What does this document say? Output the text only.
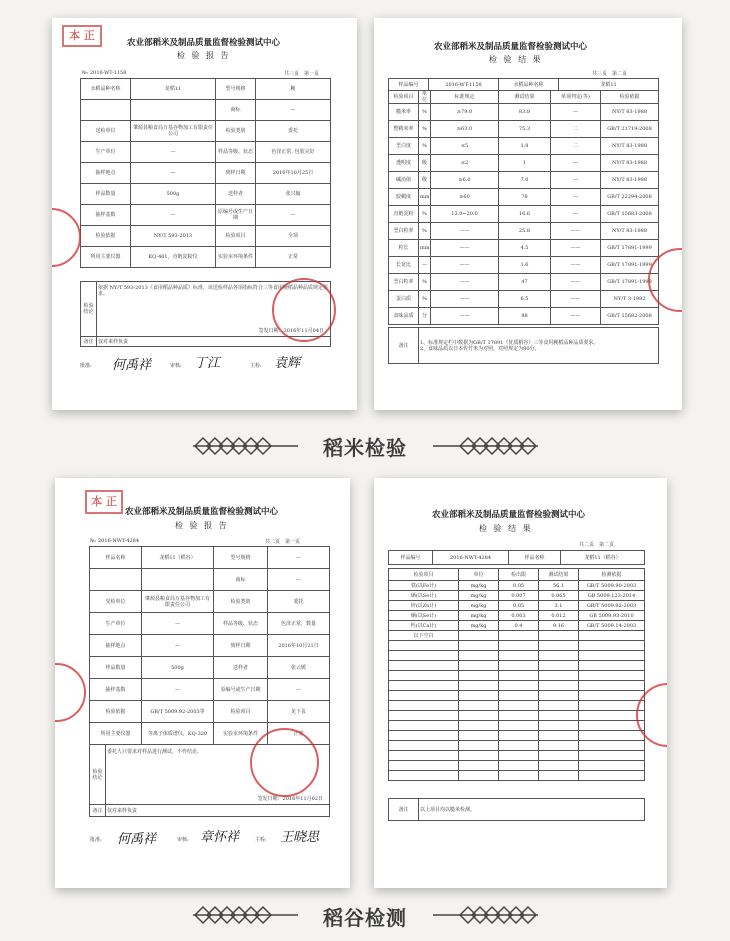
本 正
农业部稻米及制品质量监督检验测试中心
检 验 报 告
№: 2016-WT-1158	共三页　第一页
水稻品种名称	龙稻11	型号规格	粳
		商标	—
送检单位	肇源县粮食局万基谷物加工有限责任公司	检验类别	委托
生产单位	—	样品等级、状态	色泽正常, 包装完好
抽样地点	—	到样日期	2016年10月25日
样品数量	500g	送样者	张兴翰
抽样基数	—	原编号或生产日期	—
检验依据	NY/T 593-2013	检验项目	全项
所用主要仪器	KQ-461，直链淀粉仪	实验室环境条件	正常
检验结论	依据 NY/T 593-2013《食用稻品种品质》标准，该送检样品各项指标符合三等食用粳稻品种品质规定要求。
签发日期：2016年11月04日

备注	仅对来样负责
批准: 何禹祥	审核: 丁江	主检: 袁辉
农业部稻米及制品质量监督检验测试中心
检 验 结 果
共三页　第二页
样品编号	2016-WT-1158	水稻品种名称	龙稻11
检验项目	单位	标准规定	测试结果	单项判定(等)	检验依据
糙米率	%	≥79.0	83.8	—	NY/T 83-1988
整精米率	%	≥63.0	75.3	二	GB/T 21719-2008
垩白度	%	≤5	1.8	二	NY/T 83-1988
透明度	级	≤2	1	—	NY/T 83-1988
碱消值	级	≥6.0	7.0	—	NY/T 83-1988
胶稠度	mm	≥60	78	—	GB/T 22294-2008
直链淀粉	%	13.0~20.0	16.6	—	GB/T 15683-2008
垩白粒率	%	——	25.8	——	NY/T 83-1988
粒长	mm	——	4.5	——	GB/T 17891-1999
长宽比	—	——	1.6	——	GB/T 17891-1999
垩白粒率	%	——	47	——	GB/T 17891-1999
蛋白质	%	——	6.5	——	NY/T 3-1982
食味品质	分	——	88	——	GB/T 15682-2008
备注	
1、标准规定栏中数据为GB/T 17891《优质稻谷》三等食用粳稻品种品质要求。
2、食味品质以日本佐竹米为对照，对照规定为80分。
稻米检验
本 正
农业部稻米及制品质量监督检验测试中心
检 验 报 告
№: 2016-NWT-4284	共二页　第一页
样品名称	龙稻11（稻谷）	型号规格	—
		商标	—
受检单位	肇源县粮食局万基谷物加工有限责任公司	检验类别	委托
生产单位	—	样品等级、状态	色泽正常，数量
抽样地点	—	到样日期	2016年10月21日
样品数量	500g	送样者	张云媛
抽样基数	—	原编号或生产日期	—
检验依据	GB/T 5009.92-2003等	检验项目	见下页
所用主要仪器	等离子体质谱仪，KQ-320	实验室环境条件	正常
检验结论	委托人只要求对样品进行测试，不作结论。
签发日期：2016年11月02日

备注	仅对来样负责
批准: 何禹祥	审核: 章怀祥	主检: 王晓思
农业部稻米及制品质量监督检验测试中心
检 验 结 果
共二页　第二页
样品编号	2016-NWT-4284	样品名称	龙稻11（稻谷）
检验项目	单位	检出限	测试结果	检测依据
铁(以Fe计)	mg/kg	0.05	56.1	GB/T 5009.90-2003
硒(以Se计)	mg/kg	0.007	0.065	GB 5009.123-2014
锌(以Zn计)	mg/kg	0.05	3.1	GB/T 5009.92-2003
硒(以Se计)	mg/kg	0.003	0.012	GB 5009.93-2010
钙(以Ca计)	mg/kg	0.4	9.16	GB/T 5009.14-2003
以下空白				

备注	以上项目均以糙米检测。
稻谷检测
